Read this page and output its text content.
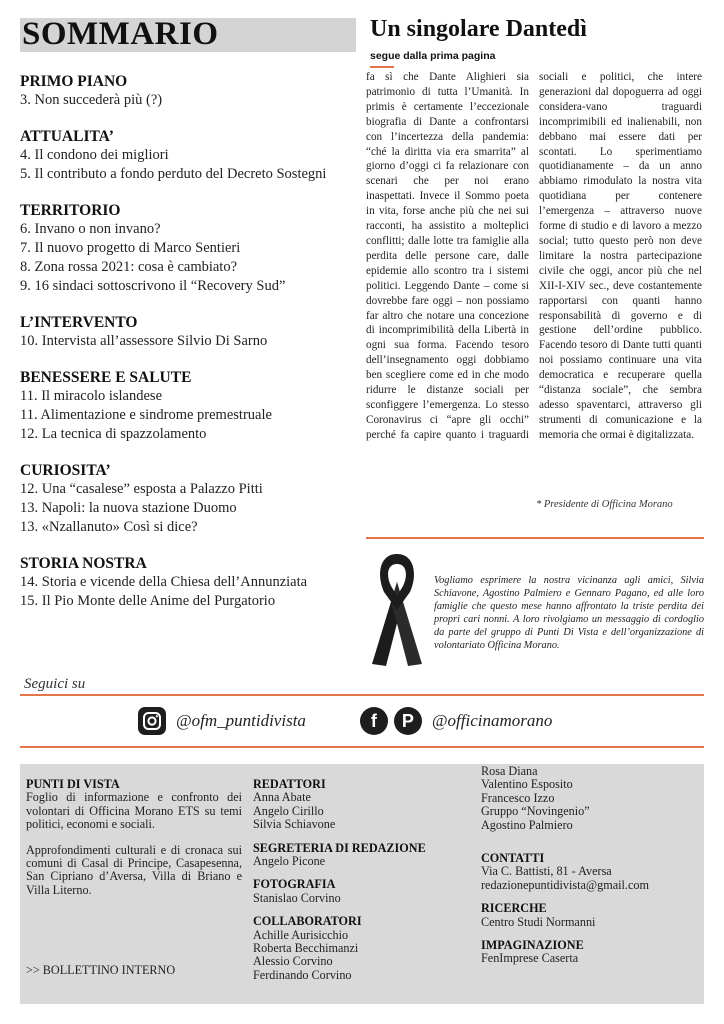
SOMMARIO
PRIMO PIANO
3. Non succederà più (?)
ATTUALITA’
4. Il condono dei migliori
5. Il contributo a fondo perduto del Decreto Sostegni
TERRITORIO
6. Invano o non invano?
7. Il nuovo progetto di Marco Sentieri
8. Zona rossa 2021: cosa è cambiato?
9. 16 sindaci sottoscrivono il “Recovery Sud”
L’INTERVENTO
10. Intervista all’assessore Silvio Di Sarno
BENESSERE E SALUTE
11. Il miracolo islandese
11. Alimentazione e sindrome premestruale
12. La tecnica di spazzolamento
CURIOSITA’
12. Una “casalese” esposta a Palazzo Pitti
13. Napoli: la nuova stazione Duomo
13. «Nzallanuto» Così si dice?
STORIA NOSTRA
14. Storia e vicende della Chiesa dell’Annunziata
15. Il Pio Monte delle Anime del Purgatorio
Un singolare Dantedì
segue dalla prima pagina
fa sì che Dante Alighieri sia patrimonio di tutta l’Umanità. In primis è certamente l’eccezionale biografia di Dante a confrontarsi con l’incertezza della pandemia: “ché la diritta via era smarrita” al giorno d’oggi ci fa relazionare con scenari che per noi erano inaspettati. Invece il Sommo poeta in vita, forse anche più che nei sui racconti, ha assistito a molteplici conflitti; dalle lotte tra famiglie alla perdita delle persone care, dalle epidemie allo scontro tra i sistemi politici. Leggendo Dante – come si dovrebbe fare oggi – non possiamo far altro che notare una concezione di incomprimibilità della Libertà in ogni sua forma. Facendo tesoro dell’insegnamento oggi dobbiamo ben scegliere come ed in che modo ridurre le distanze sociali per sconfiggere l’emergenza. Lo stesso Coronavirus ci “apre gli occhi” perché fa capire quanto i traguardi sociali e politici, che intere generazioni dal dopoguerra ad oggi considera-vano traguardi incomprimibili ed inalienabili, non debbano mai essere dati per scontati. Lo sperimentiamo quotidianamente – da un anno abbiamo rimodulato la nostra vita quotidiana per contenere l’emergenza – attraverso nuove forme di studio e di lavoro a mezzo social; tutto questo però non deve limitare la nostra partecipazione civile che oggi, ancor più che nel XII-I-XIV sec., deve costantemente rapportarsi con quanti hanno responsabilità di governo e di gestione dell’ordine pubblico. Facendo tesoro di Dante tutti quanti noi possiamo continuare una vita democratica e recuperare quella “distanza sociale”, che sembra adesso spaventarci, attraverso gli strumenti di comunicazione e la memoria che ormai è digitalizzata.
* Presidente di Officina Morano
Vogliamo esprimere la nostra vicinanza agli amici, Silvia Schiavone, Agostino Palmiero e Gennaro Pagano, ed alle loro famiglie che questo mese hanno affrontato la triste perdita dei propri cari nonni. A loro rivolgiamo un messaggio di cordoglio da parte del gruppo di Punti Di Vista e dell’organizzazione di volontariato Officina Morano.
Seguici su
@ofm_puntidivista	f	P	@officinamorano
PUNTI DI VISTA
Foglio di informazione e confronto dei volontari di Officina Morano ETS su temi politici, economi e sociali.
Approfondimenti culturali e di cronaca sui comuni di Casal di Principe, Casapesenna, San Cipriano d’Aversa, Villa di Briano e Villa Literno.
>> BOLLETTINO INTERNO
REDATTORI
Anna Abate
Angelo Cirillo
Silvia Schiavone
SEGRETERIA DI REDAZIONE
Angelo Picone
FOTOGRAFIA
Stanislao Corvino
COLLABORATORI
Achille Aurisicchio
Roberta Becchimanzi
Alessio Corvino
Ferdinando Corvino
Rosa Diana
Valentino Esposito
Francesco Izzo
Gruppo “Novingenio”
Agostino Palmiero
CONTATTI
Via C. Battisti, 81 - Aversa
redazionepuntidivista@gmail.com
RICERCHE
Centro Studi Normanni
IMPAGINAZIONE
FenImprese Caserta
